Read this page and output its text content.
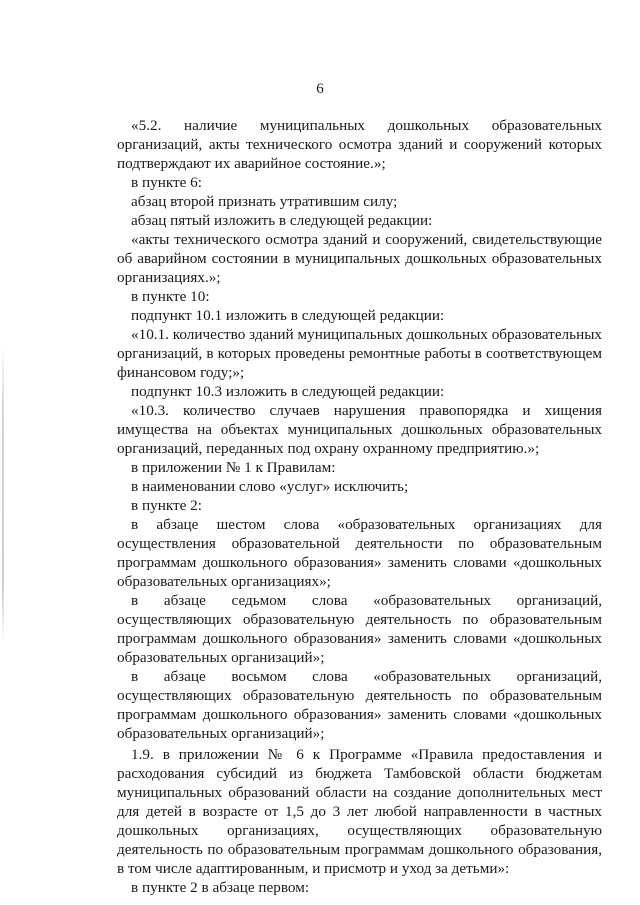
6

«5.2. наличие муниципальных дошкольных образовательных организаций, акты технического осмотра зданий и сооружений которых подтверждают их аварийное состояние.»;

в пункте 6:

абзац второй признать утратившим силу;

абзац пятый изложить в следующей редакции:

«акты технического осмотра зданий и сооружений, свидетельствующие об аварийном состоянии в муниципальных дошкольных образовательных организациях.»;

в пункте 10:

подпункт 10.1 изложить в следующей редакции:

«10.1. количество зданий муниципальных дошкольных образовательных организаций, в которых проведены ремонтные работы в соответствующем финансовом году;»;

подпункт 10.3 изложить в следующей редакции:

«10.3. количество случаев нарушения правопорядка и хищения имущества на объектах муниципальных дошкольных образовательных организаций, переданных под охрану охранному предприятию.»;

в приложении № 1 к Правилам:

в наименовании слово «услуг» исключить;

в пункте 2:

в абзаце шестом слова «образовательных организациях для осуществления образовательной деятельности по образовательным программам дошкольного образования» заменить словами «дошкольных образовательных организациях»;

в абзаце седьмом слова «образовательных организаций, осуществляющих образовательную деятельность по образовательным программам дошкольного образования» заменить словами «дошкольных образовательных организаций»;

в абзаце восьмом слова «образовательных организаций, осуществляющих образовательную деятельность по образовательным программам дошкольного образования» заменить словами «дошкольных образовательных организаций»;

1.9. в приложении № 6 к Программе «Правила предоставления и расходования субсидий из бюджета Тамбовской области бюджетам муниципальных образований области на создание дополнительных мест для детей в возрасте от 1,5 до 3 лет любой направленности в частных дошкольных организациях, осуществляющих образовательную деятельность по образовательным программам дошкольного образования, в том числе адаптированным, и присмотр и уход за детьми»:

в пункте 2 в абзаце первом:
